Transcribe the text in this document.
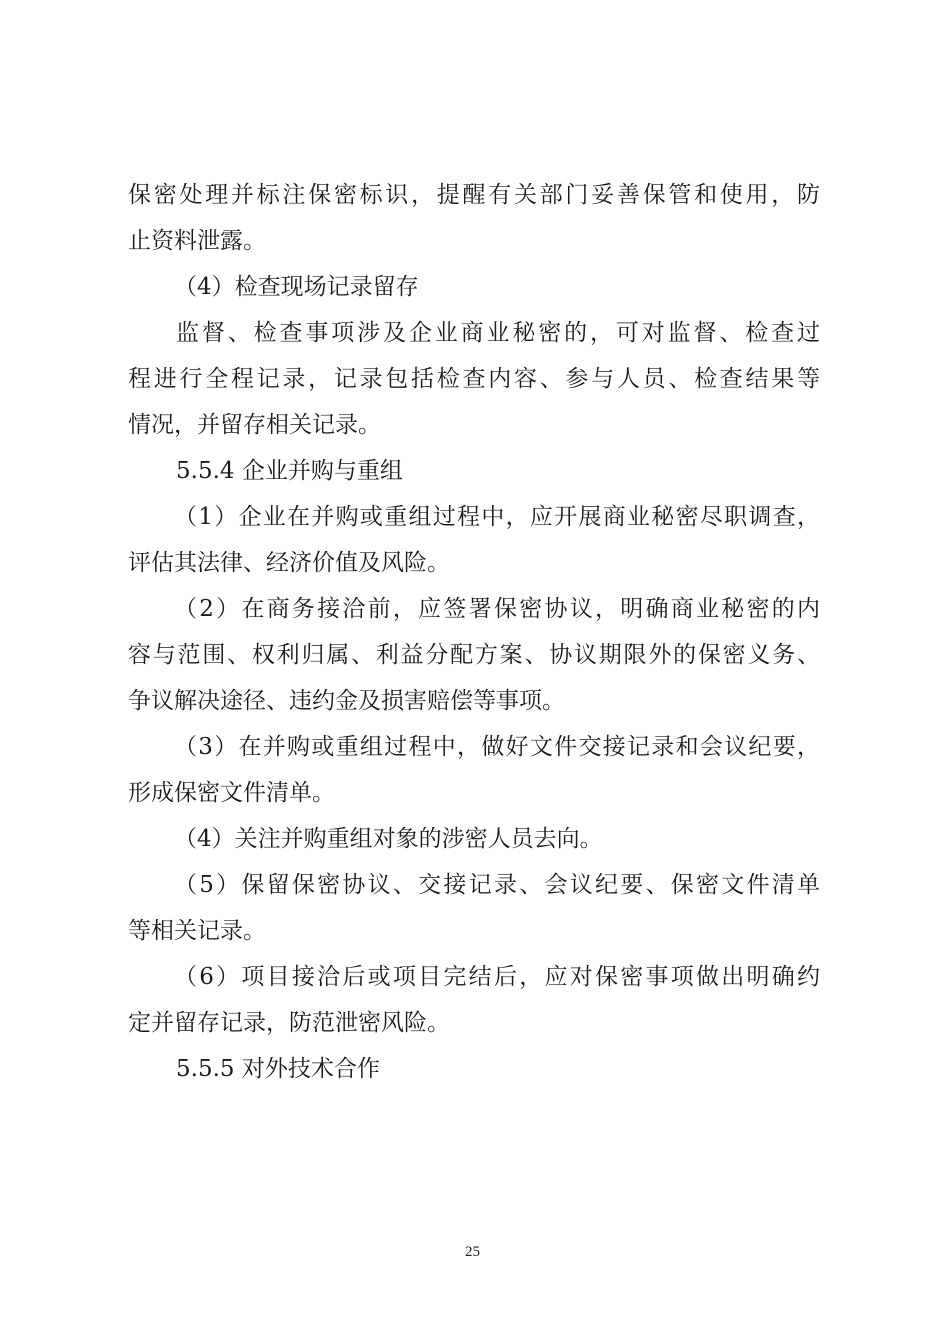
保密处理并标注保密标识，提醒有关部门妥善保管和使用，防
止资料泄露。
（4）检查现场记录留存
监督、检查事项涉及企业商业秘密的，可对监督、检查过
程进行全程记录，记录包括检查内容、参与人员、检查结果等
情况，并留存相关记录。
5.5.4 企业并购与重组
（1）企业在并购或重组过程中，应开展商业秘密尽职调查，
评估其法律、经济价值及风险。
（2）在商务接洽前，应签署保密协议，明确商业秘密的内
容与范围、权利归属、利益分配方案、协议期限外的保密义务、
争议解决途径、违约金及损害赔偿等事项。
（3）在并购或重组过程中，做好文件交接记录和会议纪要，
形成保密文件清单。
（4）关注并购重组对象的涉密人员去向。
（5）保留保密协议、交接记录、会议纪要、保密文件清单
等相关记录。
（6）项目接洽后或项目完结后，应对保密事项做出明确约
定并留存记录，防范泄密风险。
5.5.5 对外技术合作
25
